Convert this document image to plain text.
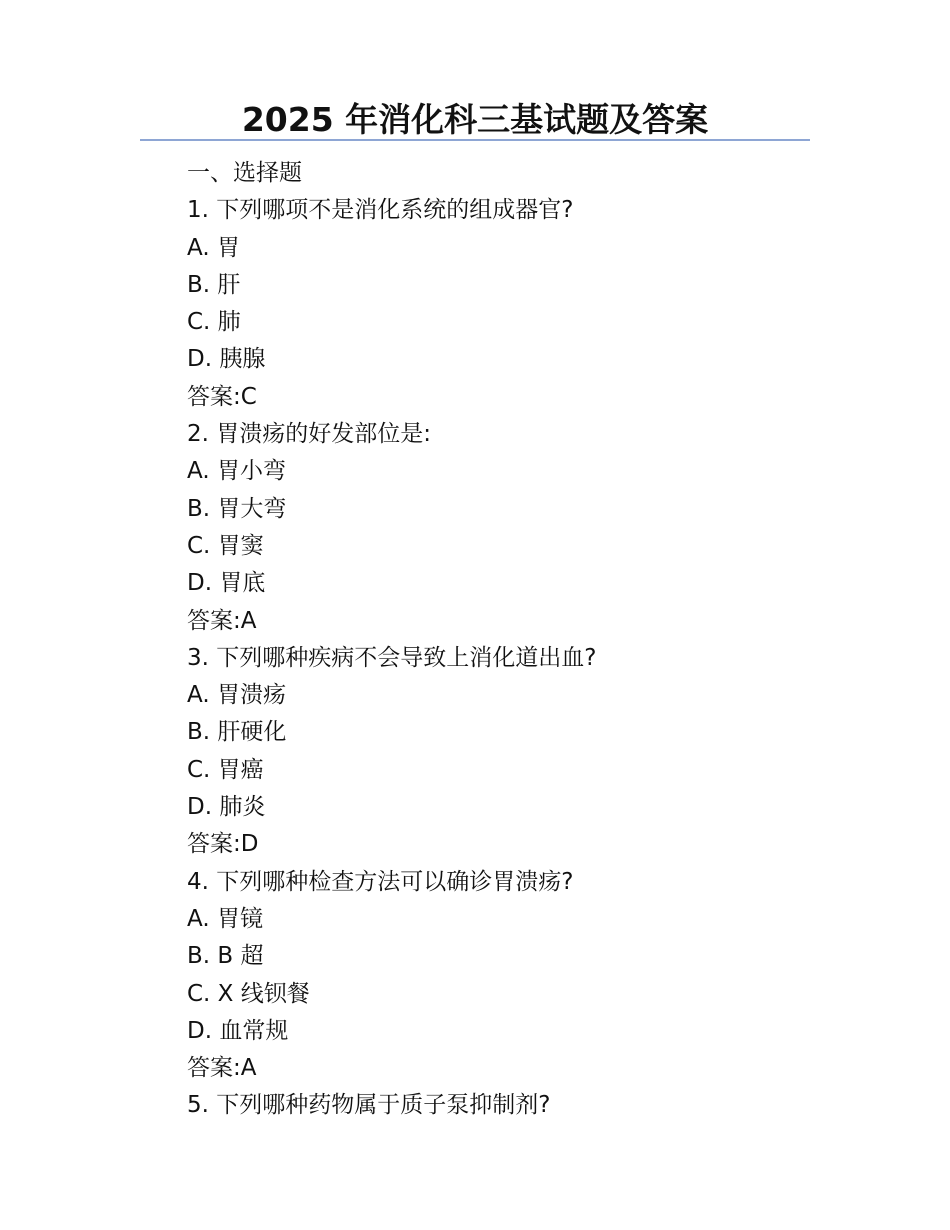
2025 年消化科三基试题及答案
一、选择题
1. 下列哪项不是消化系统的组成器官?
A. 胃
B. 肝
C. 肺
D. 胰腺
答案:C
2. 胃溃疡的好发部位是:
A. 胃小弯
B. 胃大弯
C. 胃窦
D. 胃底
答案:A
3. 下列哪种疾病不会导致上消化道出血?
A. 胃溃疡
B. 肝硬化
C. 胃癌
D. 肺炎
答案:D
4. 下列哪种检查方法可以确诊胃溃疡?
A. 胃镜
B. B 超
C. X 线钡餐
D. 血常规
答案:A
5. 下列哪种药物属于质子泵抑制剂?
